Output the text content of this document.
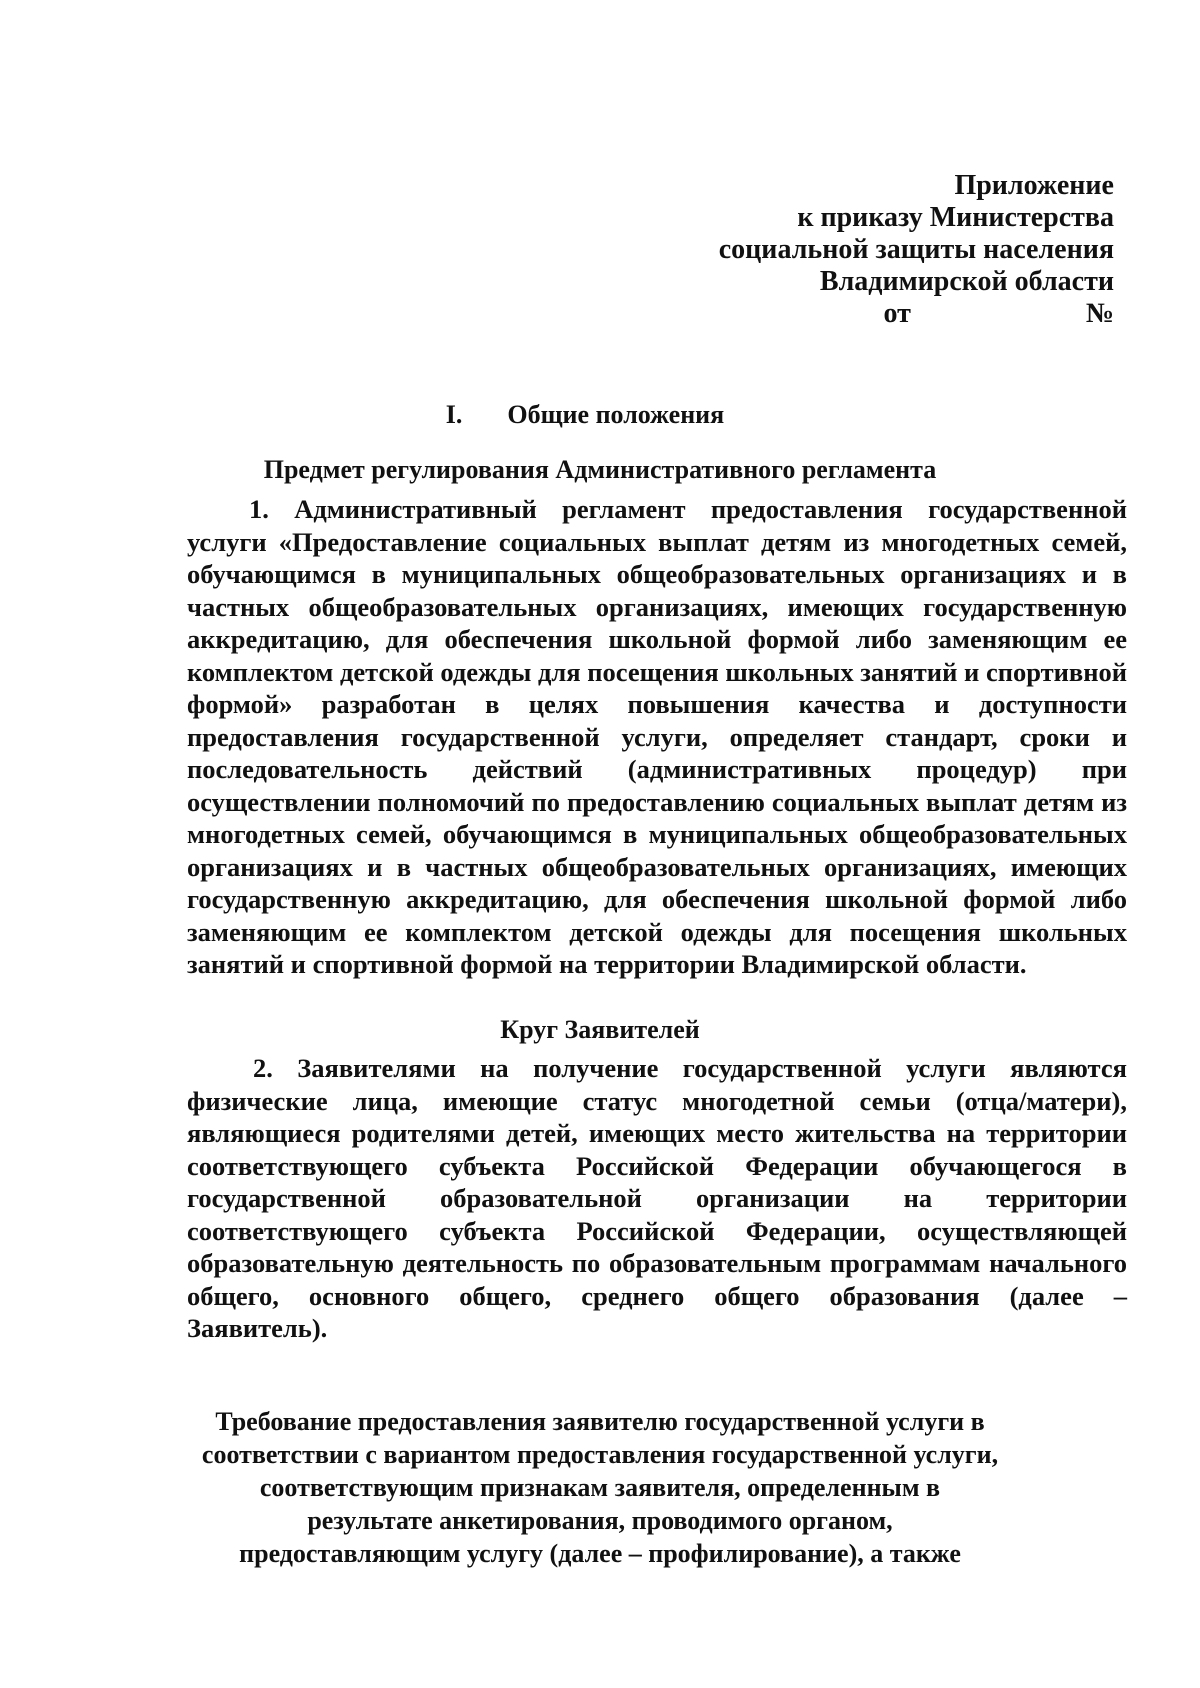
Приложение
к приказу Министерства
социальной защиты населения
Владимирской области
от	№
I. Общие положения
Предмет регулирования Административного регламента
1. Административный регламент предоставления государственной
услуги «Предоставление социальных выплат детям из многодетных семей,
обучающимся в муниципальных общеобразовательных организациях и в
частных общеобразовательных организациях, имеющих государственную
аккредитацию, для обеспечения школьной формой либо заменяющим ее
комплектом детской одежды для посещения школьных занятий и спортивной
формой» разработан в целях повышения качества и доступности
предоставления государственной услуги, определяет стандарт, сроки и
последовательность действий (административных процедур) при
осуществлении полномочий по предоставлению социальных выплат детям из
многодетных семей, обучающимся в муниципальных общеобразовательных
организациях и в частных общеобразовательных организациях, имеющих
государственную аккредитацию, для обеспечения школьной формой либо
заменяющим ее комплектом детской одежды для посещения школьных
занятий и спортивной формой на территории Владимирской области.
Круг Заявителей
2. Заявителями на получение государственной услуги являются
физические лица, имеющие статус многодетной семьи (отца/матери),
являющиеся родителями детей, имеющих место жительства на территории
соответствующего субъекта Российской Федерации обучающегося в
государственной образовательной организации на территории
соответствующего субъекта Российской Федерации, осуществляющей
образовательную деятельность по образовательным программам начального
общего, основного общего, среднего общего образования (далее –
Заявитель).
Требование предоставления заявителю государственной услуги в
соответствии с вариантом предоставления государственной услуги,
соответствующим признакам заявителя, определенным в
результате анкетирования, проводимого органом,
предоставляющим услугу (далее – профилирование), а также
